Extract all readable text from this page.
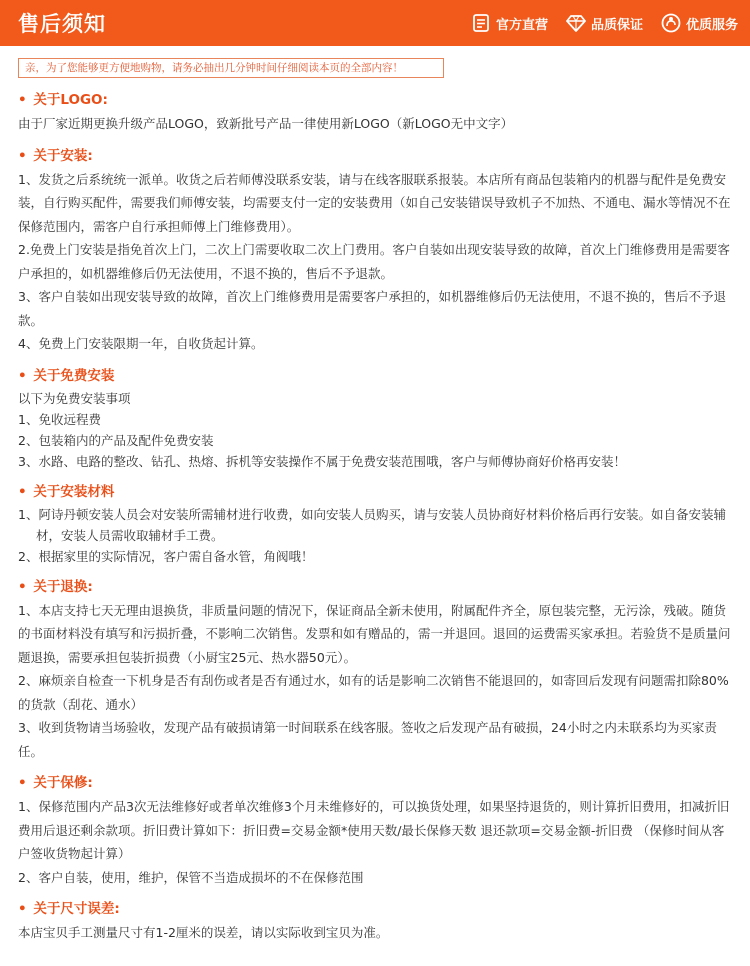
售后须知	官方直营	品质保证	优质服务
亲，为了您能够更方便地购物，请务必抽出几分钟时间仔细阅读本页的全部内容！
• 关于LOGO:

由于厂家近期更换升级产品LOGO，致新批号产品一律使用新LOGO（新LOGO无中文字）

• 关于安装:

1、发货之后系统统一派单。收货之后若师傅没联系安装，请与在线客服联系报装。本店所有商品包装箱内的机器与配件是免费安装，自行购买配件，需要我们师傅安装，均需要支付一定的安装费用（如自己安装错误导致机子不加热、不通电、漏水等情况不在保修范围内，需客户自行承担师傅上门维修费用）。

2.免费上门安装是指免首次上门，二次上门需要收取二次上门费用。客户自装如出现安装导致的故障，首次上门维修费用是需要客户承担的，如机器维修后仍无法使用，不退不换的，售后不予退款。

3、客户自装如出现安装导致的故障，首次上门维修费用是需要客户承担的，如机器维修后仍无法使用，不退不换的，售后不予退款。

4、免费上门安装限期一年，自收货起计算。

• 关于免费安装

以下为免费安装事项

1、免收远程费

2、包装箱内的产品及配件免费安装

3、水路、电路的整改、钻孔、热熔、拆机等安装操作不属于免费安装范围哦，客户与师傅协商好价格再安装！

• 关于安装材料

1、阿诗丹顿安装人员会对安装所需辅材进行收费，如向安装人员购买，请与安装人员协商好材料价格后再行安装。如自备安装辅材，安装人员需收取辅材手工费。

2、根据家里的实际情况，客户需自备水管，角阀哦！

• 关于退换:

1、本店支持七天无理由退换货，非质量问题的情况下，保证商品全新未使用，附属配件齐全，原包装完整，无污涂，残破。随货的书面材料没有填写和污损折叠，不影响二次销售。发票和如有赠品的，需一并退回。退回的运费需买家承担。若验货不是质量问题退换，需要承担包装折损费（小厨宝25元、热水器50元）。

2、麻烦亲自检查一下机身是否有刮伤或者是否有通过水，如有的话是影响二次销售不能退回的，如寄回后发现有问题需扣除80%的货款（刮花、通水）

3、收到货物请当场验收，发现产品有破损请第一时间联系在线客服。签收之后发现产品有破损，24小时之内未联系均为买家责任。

• 关于保修:

1、保修范围内产品3次无法维修好或者单次维修3个月未维修好的，可以换货处理，如果坚持退货的，则计算折旧费用，扣减折旧费用后退还剩余款项。折旧费计算如下：折旧费=交易金额*使用天数/最长保修天数 退还款项=交易金额-折旧费 （保修时间从客户签收货物起计算）

2、客户自装，使用，维护，保管不当造成损坏的不在保修范围

• 关于尺寸误差:

本店宝贝手工测量尺寸有1-2厘米的误差，请以实际收到宝贝为准。
